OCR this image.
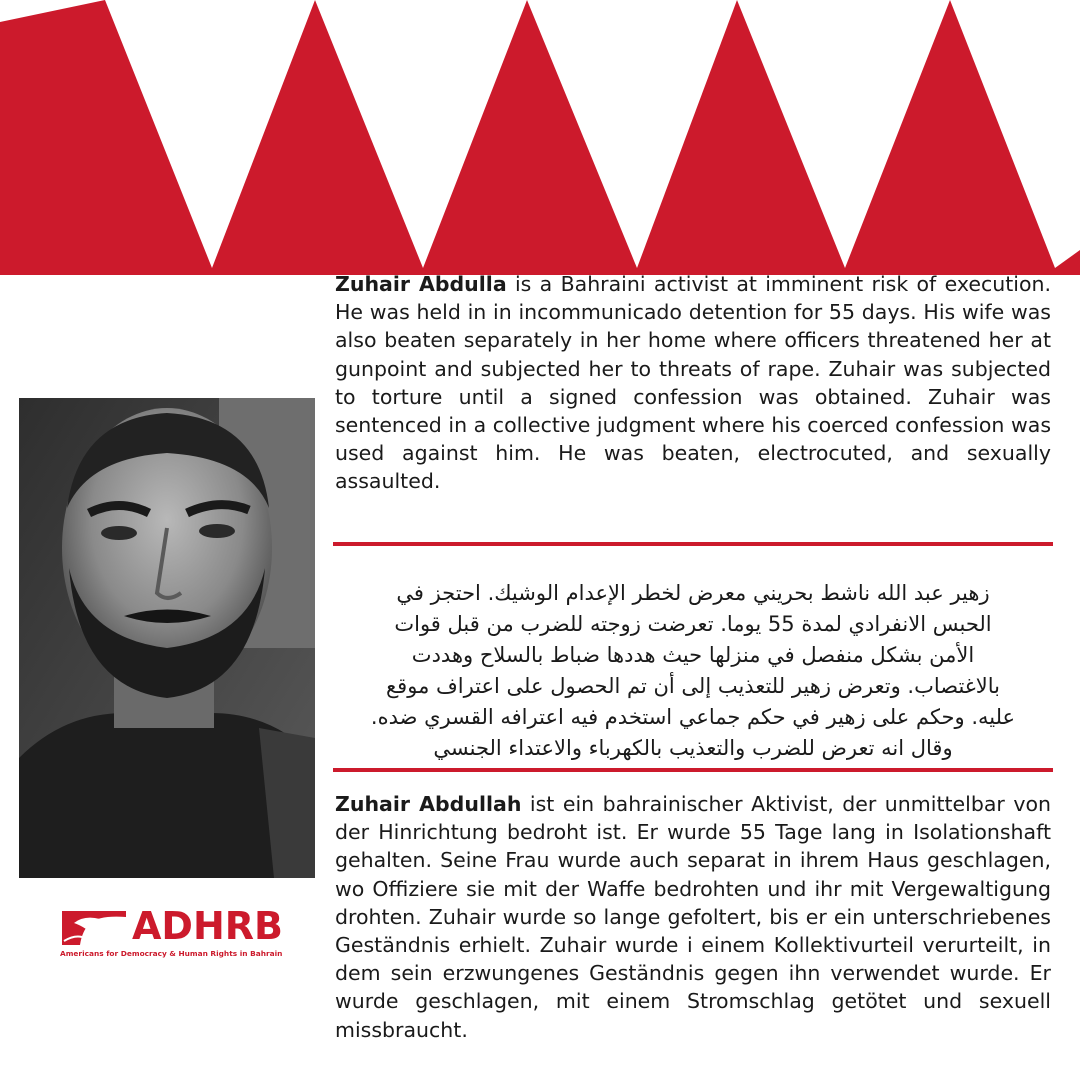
ADHRB
Americans for Democracy & Human Rights in Bahrain

Zuhair Abdulla is a Bahraini activist at imminent risk of execution. He was held in in incommunicado detention for 55 days. His wife was also beaten separately in her home where officers threatened her at gunpoint and subjected her to threats of rape. Zuhair was subjected to torture until a signed confession was obtained. Zuhair was sentenced in a collective judgment where his coerced confession was used against him. He was beaten, electrocuted, and sexually assaulted.

زهير عبد الله ناشط بحريني معرض لخطر الإعدام الوشيك. احتجز في
الحبس الانفرادي لمدة 55 يوما. تعرضت زوجته للضرب من قبل قوات
الأمن بشكل منفصل في منزلها حيث هددها ضباط بالسلاح وهددت
بالاغتصاب. وتعرض زهير للتعذيب إلى أن تم الحصول على اعتراف موقع
عليه. وحكم على زهير في حكم جماعي استخدم فيه اعترافه القسري ضده.
وقال انه تعرض للضرب والتعذيب بالكهرباء والاعتداء الجنسي

Zuhair Abdullah ist ein bahrainischer Aktivist, der unmittelbar von der Hinrichtung bedroht ist. Er wurde 55 Tage lang in Isolationshaft gehalten. Seine Frau wurde auch separat in ihrem Haus geschlagen, wo Offiziere sie mit der Waffe bedrohten und ihr mit Vergewaltigung drohten. Zuhair wurde so lange gefoltert, bis er ein unterschriebenes Geständnis erhielt. Zuhair wurde i einem Kollektivurteil verurteilt, in dem sein erzwungenes Geständnis gegen ihn verwendet wurde. Er wurde geschlagen, mit einem Stromschlag getötet und sexuell missbraucht.
